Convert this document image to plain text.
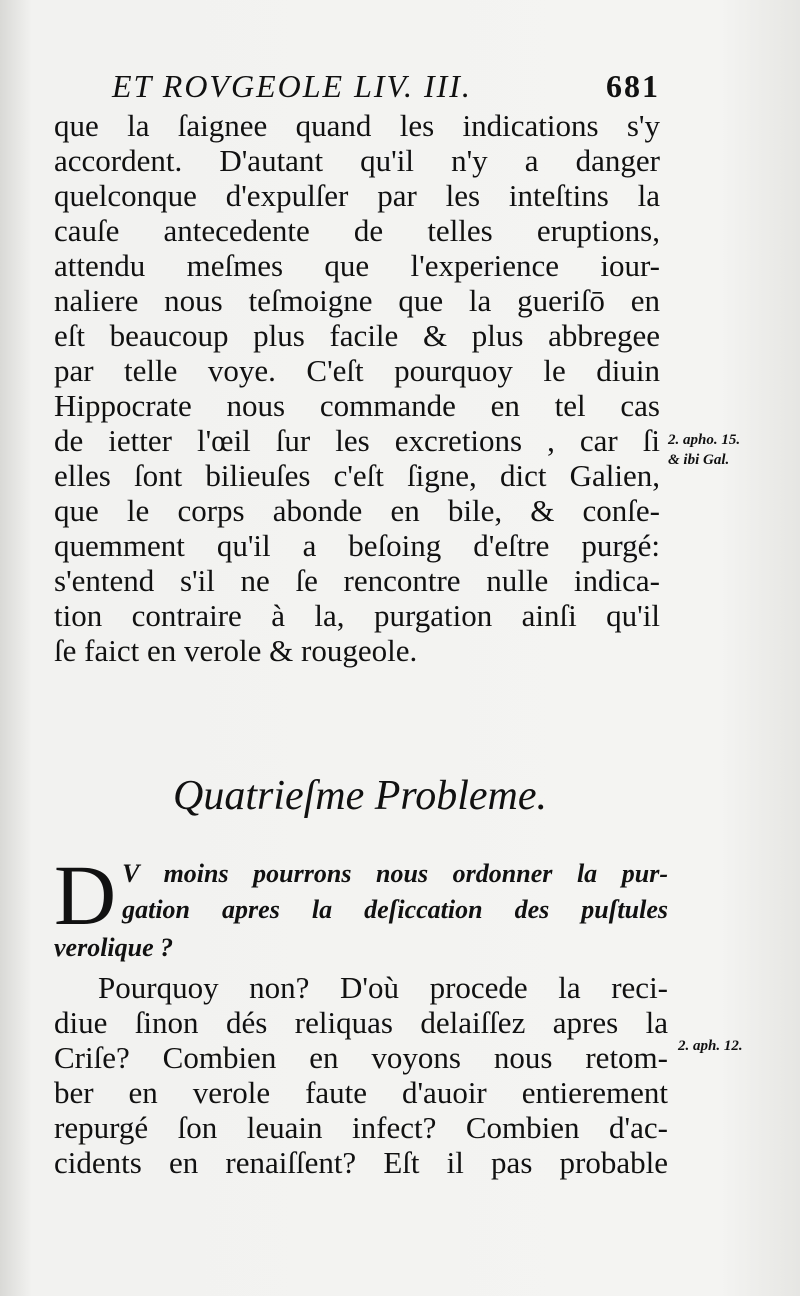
ET ROVGEOLE LIV. III.	681
que la ſaignee quand les indications s'y
accordent. D'autant qu'il n'y a danger
quelconque d'expulſer par les inteſtins la
cauſe antecedente de telles eruptions,
attendu meſmes que l'experience iour-
naliere nous teſmoigne que la gueriſō en
eſt beaucoup plus facile & plus abbregee
par telle voye. C'eſt pourquoy le diuin
Hippocrate nous commande en tel cas
de ietter l'œil ſur les excretions , car ſi
elles ſont bilieuſes c'eſt ſigne, dict Galien,
que le corps abonde en bile, & conſe-
quemment qu'il a beſoing d'eſtre purgé:
s'entend s'il ne ſe rencontre nulle indica-
tion contraire à la, purgation ainſi qu'il
ſe faict en verole & rougeole.
2. apho. 15.
& ibi Gal.
Quatrieſme Probleme.
D V moins pourrons nous ordonner la pur-
gation apres la deſiccation des puſtules
verolique ?
Pourquoy non? D'où procede la reci-
diue ſinon dés reliquas delaiſſez apres la
Criſe? Combien en voyons nous retom-
ber en verole faute d'auoir entierement
repurgé ſon leuain infect? Combien d'ac-
cidents en renaiſſent? Eſt il pas probable
2. aph. 12.
